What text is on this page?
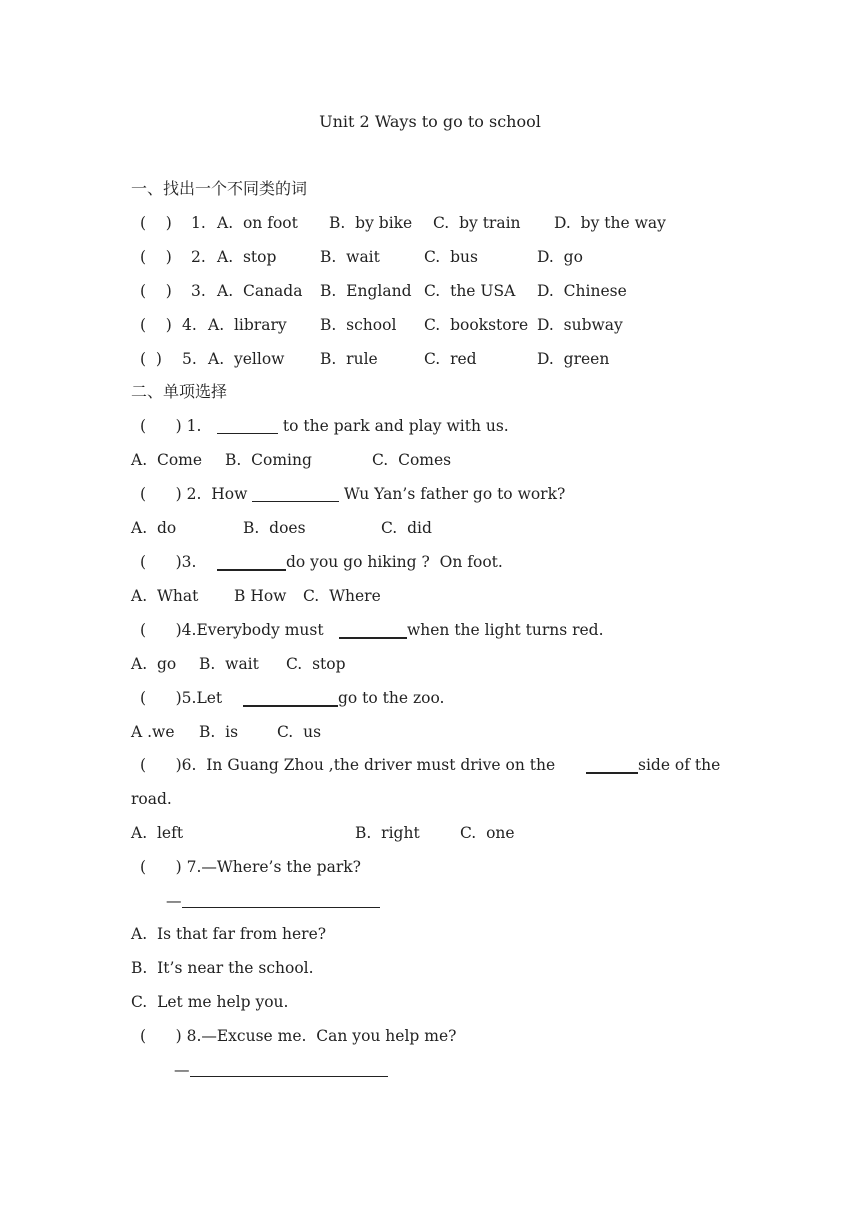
Unit 2 Ways to go to school
一、找出一个不同类的词
(    ) 1. A.  on foot B.  by bike C.  by train D.  by the way
(    ) 2. A.  stop	B.  wait	C.  bus	D.  go
(    ) 3. A.  Canada B.  England C.  the USA D.  Chinese
(    ) 4. A.  library B.  school C.  bookstore D.  subway
(  ) 5. A.  yellow B.  rule	C.  red	D.  green
二、单项选择
(      ) 1.	to the park and play with us.
A.  Come B.  Coming	C.  Comes
(      ) 2.  How	Wu Yan’s father go to work?
A.  do	B.  does	C.  did
(      )3.	do you go hiking ?  On foot.
A.  What B How C.  Where
(      )4.Everybody must	when the light turns red.
A.  go B.  wait C.  stop
(      )5.Let	go to the zoo.
A .we B.  is	C.  us
(      )6.  In Guang Zhou ,the driver must drive on the	side of the
road.
A.  left	B.  right	C.  one
(      ) 7.—Where’s the park?
—
A.  Is that far from here?
B.  It’s near the school.
C.  Let me help you.
(      ) 8.—Excuse me.  Can you help me?
—
